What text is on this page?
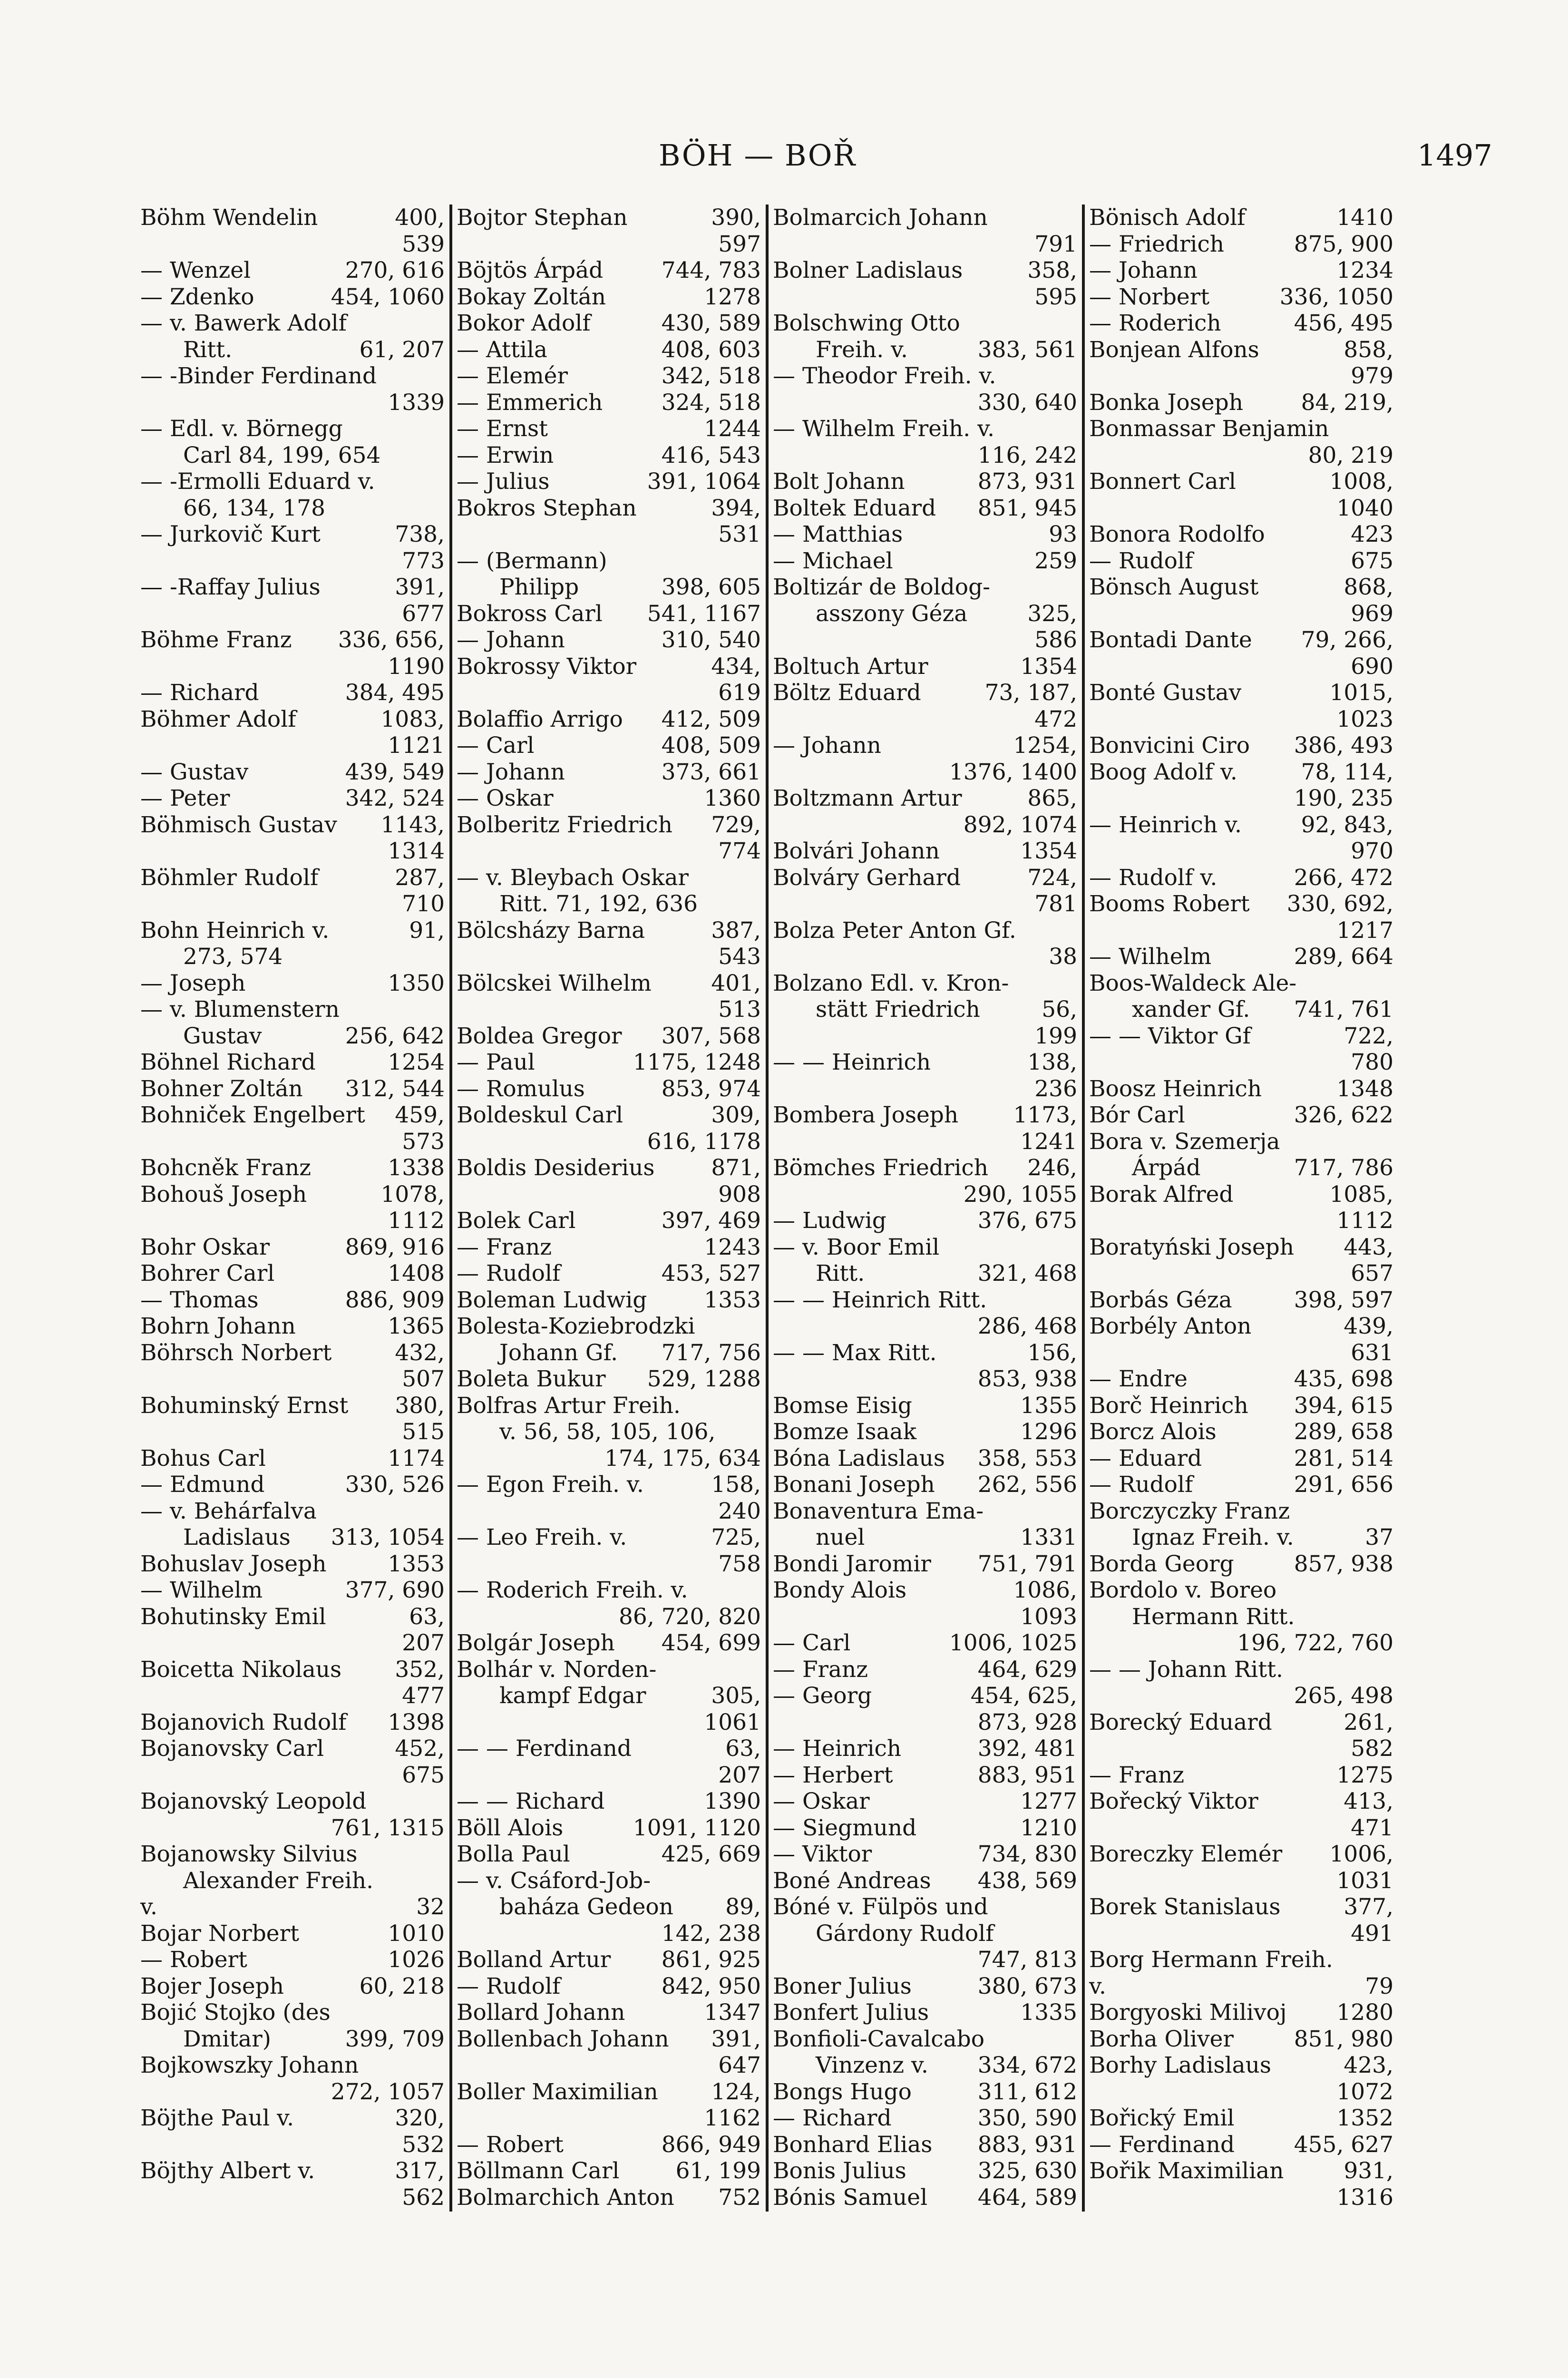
BÖH — BOŘ	1497
Böhm Wendelin	400,
539
— Wenzel	270, 616
— Zdenko	454, 1060
— v. Bawerk Adolf
Ritt.	61, 207
— -Binder Ferdinand
1339
— Edl. v. Börnegg
Carl 84, 199, 654
— -Ermolli Eduard v.
66, 134, 178
— Jurkovič Kurt	738,
773
— -Raffay Julius	391,
677
Böhme Franz 336, 656,
1190
— Richard	384, 495
Böhmer Adolf	1083,
1121
— Gustav	439, 549
— Peter	342, 524
Böhmisch Gustav 1143,
1314
Böhmler Rudolf	287,
710
Bohn Heinrich v.	91,
273, 574
— Joseph	1350
— v. Blumenstern
Gustav	256, 642
Böhnel Richard	1254
Bohner Zoltán 312, 544
Bohniček Engelbert 459,
573
Bohcněk Franz	1338
Bohouš Joseph	1078,
1112
Bohr Oskar	869, 916
Bohrer Carl	1408
— Thomas	886, 909
Bohrn Johann	1365
Böhrsch Norbert	432,
507
Bohuminský Ernst 380,
515
Bohus Carl	1174
— Edmund	330, 526
— v. Behárfalva
Ladislaus 313, 1054
Bohuslav Joseph	1353
— Wilhelm	377, 690
Bohutinsky Emil	63,
207
Boicetta Nikolaus 352,
477
Bojanovich Rudolf 1398
Bojanovsky Carl	452,
675
Bojanovský Leopold
761, 1315
Bojanowsky Silvius
Alexander Freih.
v.	32
Bojar Norbert	1010
— Robert	1026
Bojer Joseph	60, 218
Bojić Stojko (des
Dmitar)	399, 709
Bojkowszky Johann
272, 1057
Böjthe Paul v.	320,
532
Böjthy Albert v.	317,
562
Bojtor Stephan	390,
597
Böjtös Árpád	744, 783
Bokay Zoltán	1278
Bokor Adolf	430, 589
— Attila	408, 603
— Elemér	342, 518
— Emmerich	324, 518
— Ernst	1244
— Erwin	416, 543
— Julius	391, 1064
Bokros Stephan	394,
531
— (Bermann)
Philipp	398, 605
Bokross Carl 541, 1167
— Johann	310, 540
Bokrossy Viktor	434,
619
Bolaffio Arrigo 412, 509
— Carl	408, 509
— Johann	373, 661
— Oskar	1360
Bolberitz Friedrich 729,
774
— v. Bleybach Oskar
Ritt. 71, 192, 636
Bölcsházy Barna	387,
543
Bölcskei Wilhelm	401,
513
Boldea Gregor 307, 568
— Paul	1175, 1248
— Romulus	853, 974
Boldeskul Carl	309,
616, 1178
Boldis Desiderius	871,
908
Bolek Carl	397, 469
— Franz	1243
— Rudolf	453, 527
Boleman Ludwig	1353
Bolesta-Koziebrodzki
Johann Gf. 717, 756
Boleta Bukur 529, 1288
Bolfras Artur Freih.
v. 56, 58, 105, 106,
174, 175, 634
— Egon Freih. v.	158,
240
— Leo Freih. v.	725,
758
— Roderich Freih. v.
86, 720, 820
Bolgár Joseph 454, 699
Bolhár v. Norden-
kampf Edgar	305,
1061
— — Ferdinand	63,
207
— — Richard	1390
Böll Alois	1091, 1120
Bolla Paul	425, 669
— v. Csáford-Job-
baháza Gedeon 89,
142, 238
Bolland Artur 861, 925
— Rudolf	842, 950
Bollard Johann	1347
Bollenbach Johann 391,
647
Boller Maximilian 124,
1162
— Robert	866, 949
Böllmann Carl	61, 199
Bolmarchich Anton 752
Bolmarcich Johann
791
Bolner Ladislaus	358,
595
Bolschwing Otto
Freih. v.	383, 561
— Theodor Freih. v.
330, 640
— Wilhelm Freih. v.
116, 242
Bolt Johann	873, 931
Boltek Eduard 851, 945
— Matthias	93
— Michael	259
Boltizár de Boldog-
asszony Géza	325,
586
Boltuch Artur	1354
Böltz Eduard	73, 187,
472
— Johann	1254,
1376, 1400
Boltzmann Artur	865,
892, 1074
Bolvári Johann	1354
Bolváry Gerhard	724,
781
Bolza Peter Anton Gf.
38
Bolzano Edl. v. Kron-
stätt Friedrich	56,
199
— — Heinrich	138,
236
Bombera Joseph 1173,
1241
Bömches Friedrich 246,
290, 1055
— Ludwig	376, 675
— v. Boor Emil
Ritt.	321, 468
— — Heinrich Ritt.
286, 468
— — Max Ritt.	156,
853, 938
Bomse Eisig	1355
Bomze Isaak	1296
Bóna Ladislaus 358, 553
Bonani Joseph 262, 556
Bonaventura Ema-
nuel	1331
Bondi Jaromir 751, 791
Bondy Alois	1086,
1093
— Carl	1006, 1025
— Franz	464, 629
— Georg	454, 625,
873, 928
— Heinrich	392, 481
— Herbert	883, 951
— Oskar	1277
— Siegmund	1210
— Viktor	734, 830
Boné Andreas 438, 569
Bóné v. Fülpös und
Gárdony Rudolf
747, 813
Boner Julius	380, 673
Bonfert Julius	1335
Bonfioli-Cavalcabo
Vinzenz v. 334, 672
Bongs Hugo	311, 612
— Richard	350, 590
Bonhard Elias 883, 931
Bonis Julius	325, 630
Bónis Samuel 464, 589
Bönisch Adolf	1410
— Friedrich	875, 900
— Johann	1234
— Norbert	336, 1050
— Roderich	456, 495
Bonjean Alfons	858,
979
Bonka Joseph	84, 219,
Bonmassar Benjamin
80, 219
Bonnert Carl	1008,
1040
Bonora Rodolfo	423
— Rudolf	675
Bönsch August	868,
969
Bontadi Dante 79, 266,
690
Bonté Gustav	1015,
1023
Bonvicini Ciro 386, 493
Boog Adolf v.	78, 114,
190, 235
— Heinrich v.	92, 843,
970
— Rudolf v.	266, 472
Booms Robert 330, 692,
1217
— Wilhelm	289, 664
Boos-Waldeck Ale-
xander Gf. 741, 761
— — Viktor Gf	722,
780
Boosz Heinrich	1348
Bór Carl	326, 622
Bora v. Szemerja
Árpád	717, 786
Borak Alfred	1085,
1112
Boratyński Joseph 443,
657
Borbás Géza	398, 597
Borbély Anton	439,
631
— Endre	435, 698
Borč Heinrich 394, 615
Borcz Alois	289, 658
— Eduard	281, 514
— Rudolf	291, 656
Borczyczky Franz
Ignaz Freih. v.	37
Borda Georg	857, 938
Bordolo v. Boreo
Hermann Ritt.
196, 722, 760
— — Johann Ritt.
265, 498
Borecký Eduard	261,
582
— Franz	1275
Bořecký Viktor	413,
471
Boreczky Elemér 1006,
1031
Borek Stanislaus	377,
491
Borg Hermann Freih.
v.	79
Borgyoski Milivoj 1280
Borha Oliver	851, 980
Borhy Ladislaus	423,
1072
Bořický Emil	1352
— Ferdinand	455, 627
Bořik Maximilian	931,
1316
